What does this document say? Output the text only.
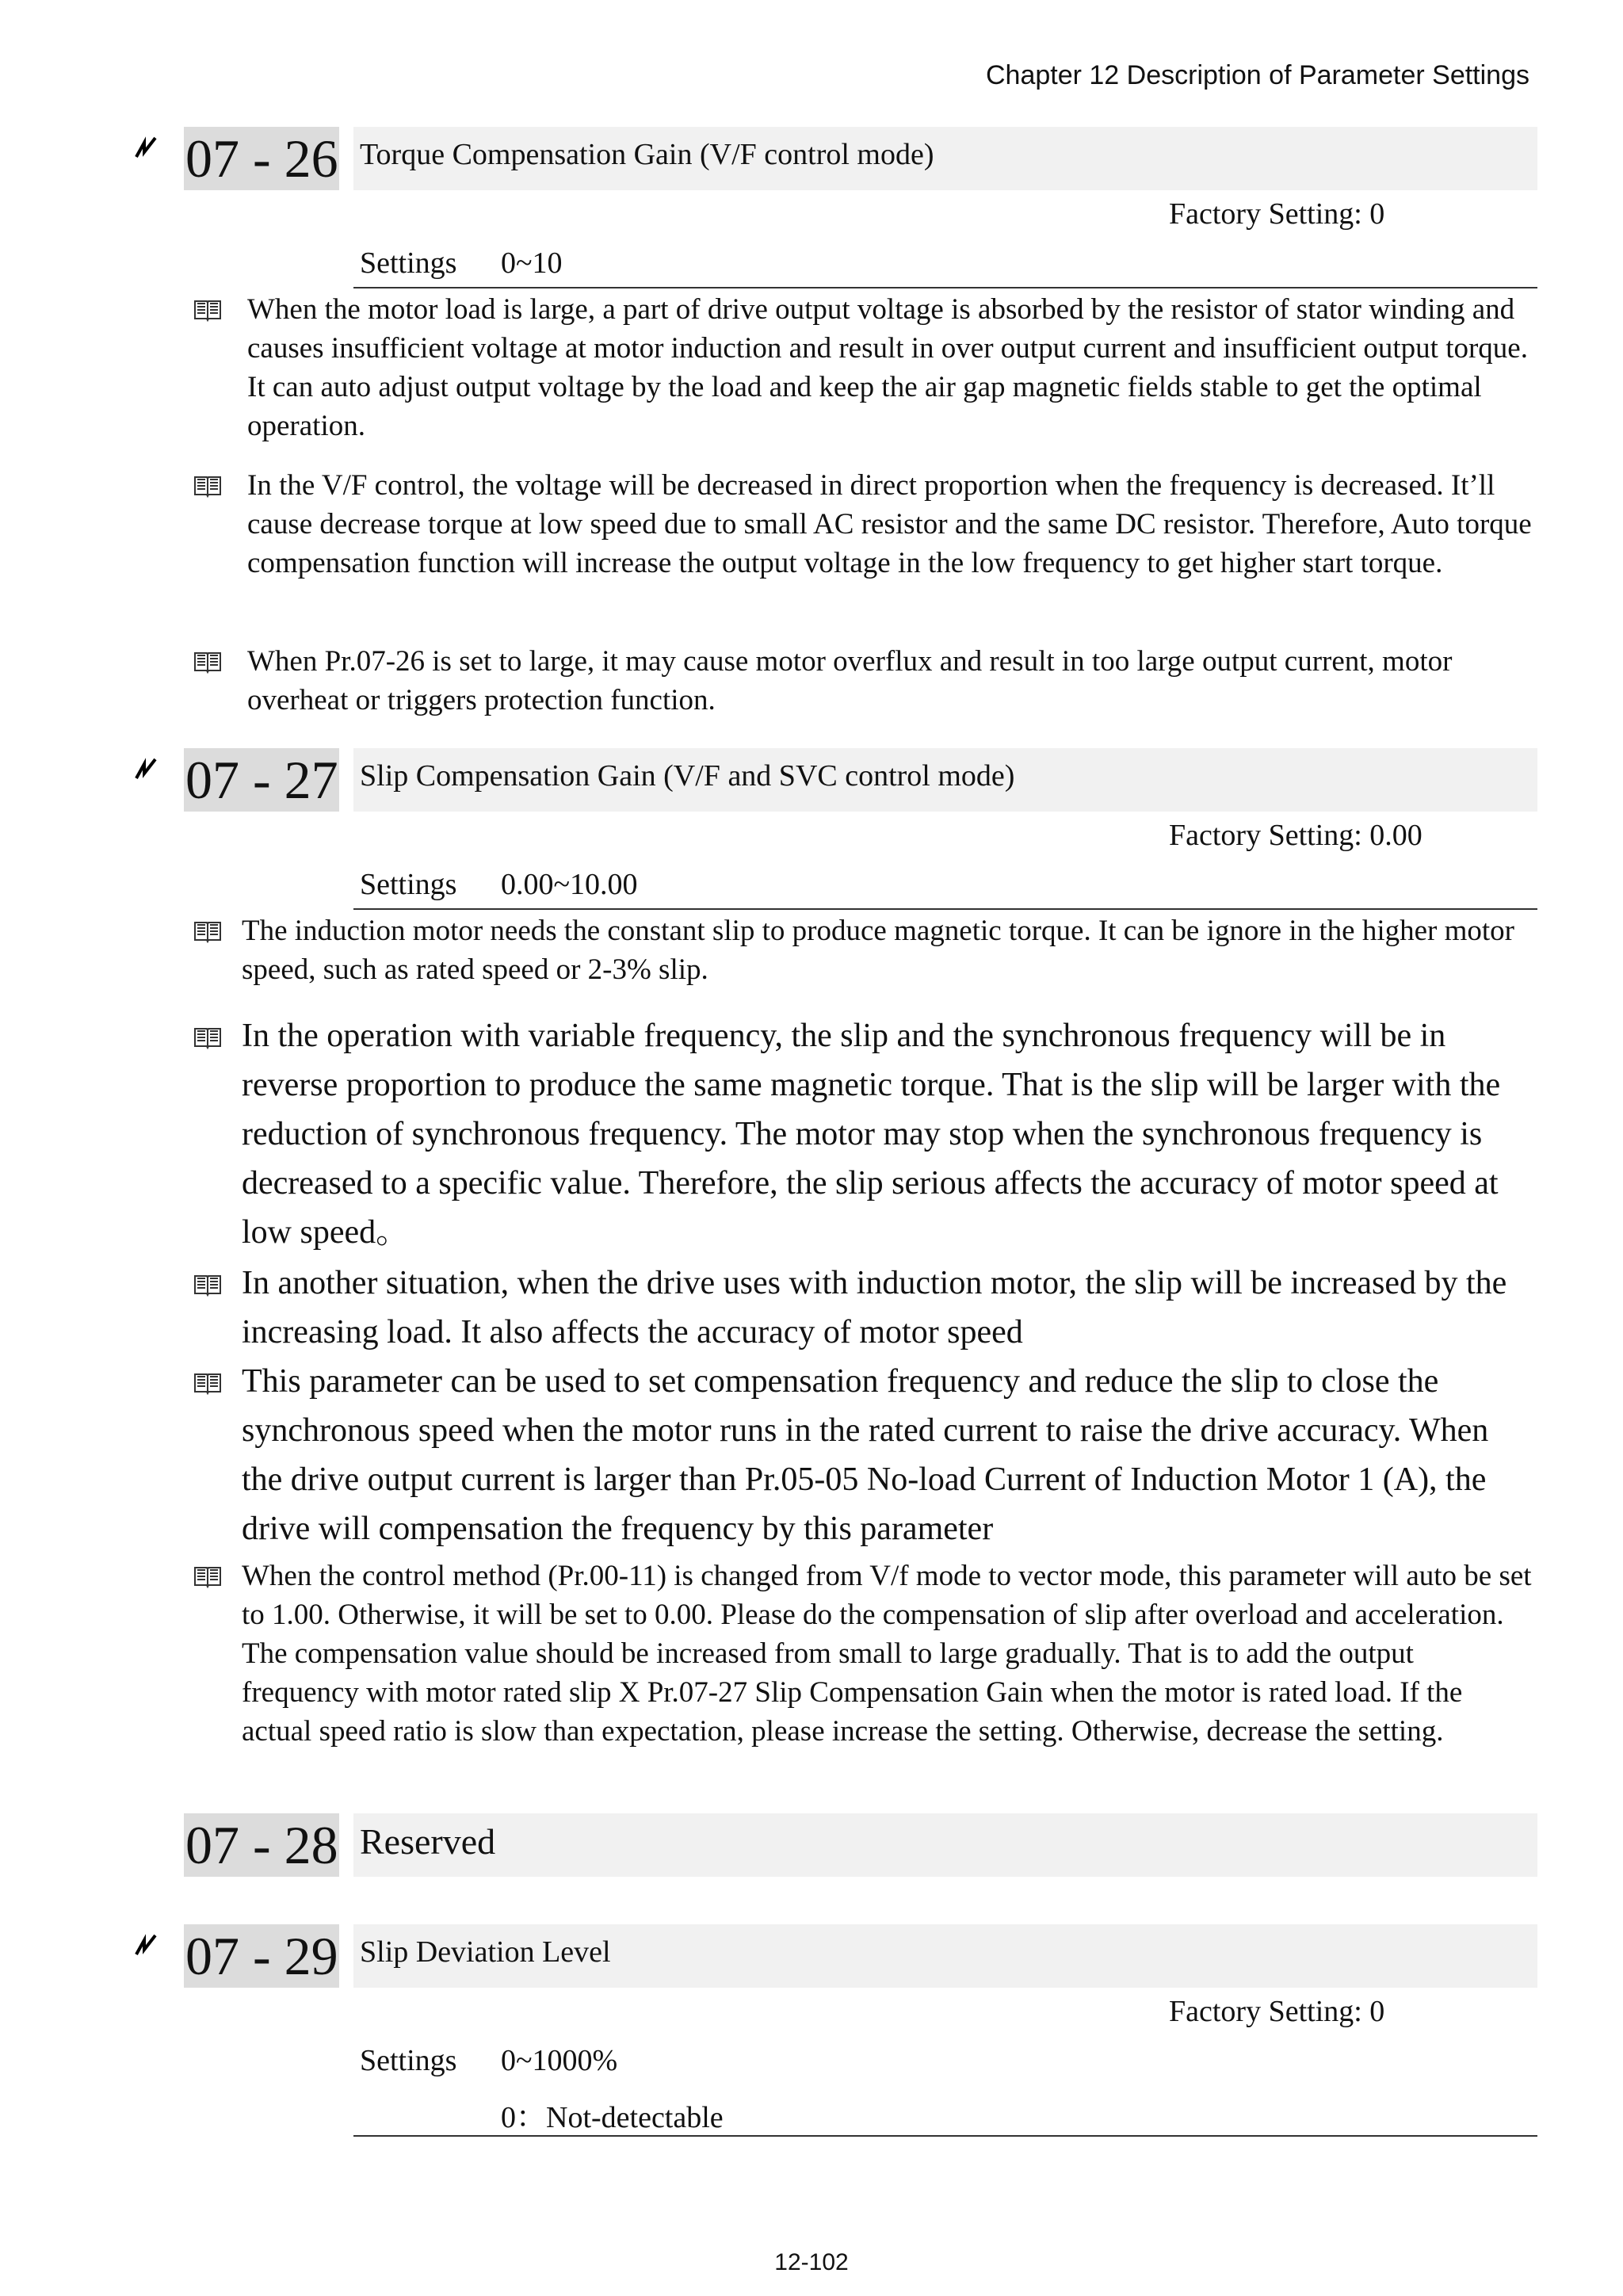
Chapter 12 Description of Parameter Settings
07 - 26 Torque Compensation Gain (V/F control mode)
Factory Setting: 0
Settings 0~10
When the motor load is large, a part of drive output voltage is absorbed by the resistor of stator winding and causes insufficient voltage at motor induction and result in over output current and insufficient output torque. It can auto adjust output voltage by the load and keep the air gap magnetic fields stable to get the optimal operation.
In the V/F control, the voltage will be decreased in direct proportion when the frequency is decreased. It’ll cause decrease torque at low speed due to small AC resistor and the same DC resistor. Therefore, Auto torque compensation function will increase the output voltage in the low frequency to get higher start torque.
When Pr.07-26 is set to large, it may cause motor overflux and result in too large output current, motor overheat or triggers protection function.
07 - 27 Slip Compensation Gain (V/F and SVC control mode)
Factory Setting: 0.00
Settings 0.00~10.00
The induction motor needs the constant slip to produce magnetic torque. It can be ignore in the higher motor speed, such as rated speed or 2-3% slip.
In the operation with variable frequency, the slip and the synchronous frequency will be in reverse proportion to produce the same magnetic torque. That is the slip will be larger with the reduction of synchronous frequency. The motor may stop when the synchronous frequency is decreased to a specific value. Therefore, the slip serious affects the accuracy of motor speed at low speed。
In another situation, when the drive uses with induction motor, the slip will be increased by the increasing load. It also affects the accuracy of motor speed
This parameter can be used to set compensation frequency and reduce the slip to close the synchronous speed when the motor runs in the rated current to raise the drive accuracy. When the drive output current is larger than Pr.05-05 No-load Current of Induction Motor 1 (A), the drive will compensation the frequency by this parameter
When the control method (Pr.00-11) is changed from V/f mode to vector mode, this parameter will auto be set to 1.00. Otherwise, it will be set to 0.00. Please do the compensation of slip after overload and acceleration. The compensation value should be increased from small to large gradually. That is to add the output frequency with motor rated slip X Pr.07-27 Slip Compensation Gain when the motor is rated load. If the actual speed ratio is slow than expectation, please increase the setting. Otherwise, decrease the setting.
07 - 28 Reserved
07 - 29 Slip Deviation Level
Factory Setting: 0
Settings 0~1000%
0：Not-detectable
12-102
